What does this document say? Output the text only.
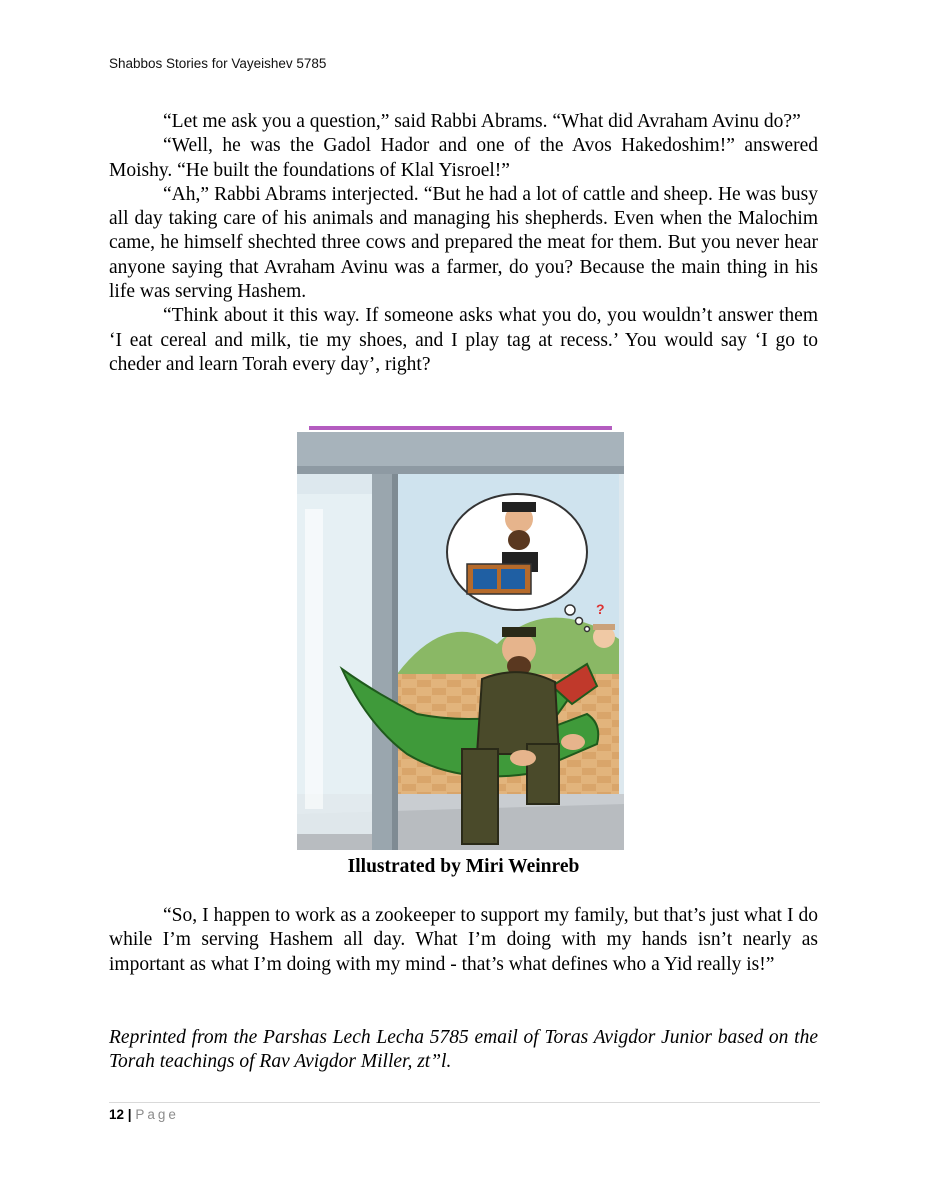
Shabbos Stories for Vayeishev 5785

“Let me ask you a question,” said Rabbi Abrams. “What did Avraham Avinu do?”

“Well, he was the Gadol Hador and one of the Avos Hakedoshim!” answered Moishy. “He built the foundations of Klal Yisroel!”

“Ah,” Rabbi Abrams interjected. “But he had a lot of cattle and sheep. He was busy all day taking care of his animals and managing his shepherds. Even when the Malochim came, he himself shechted three cows and prepared the meat for them. But you never hear anyone saying that Avraham Avinu was a farmer, do you? Because the main thing in his life was serving Hashem.

“Think about it this way. If someone asks what you do, you wouldn’t answer them ‘I eat cereal and milk, tie my shoes, and I play tag at recess.’ You would say ‘I go to cheder and learn Torah every day’, right?

?
Illustrated by Miri Weinreb

“So, I happen to work as a zookeeper to support my family, but that’s just what I do while I’m serving Hashem all day. What I’m doing with my hands isn’t nearly as important as what I’m doing with my mind - that’s what defines who a Yid really is!”

Reprinted from the Parshas Lech Lecha 5785 email of Toras Avigdor Junior based on the Torah teachings of Rav Avigdor Miller, zt”l.
12 | Page
